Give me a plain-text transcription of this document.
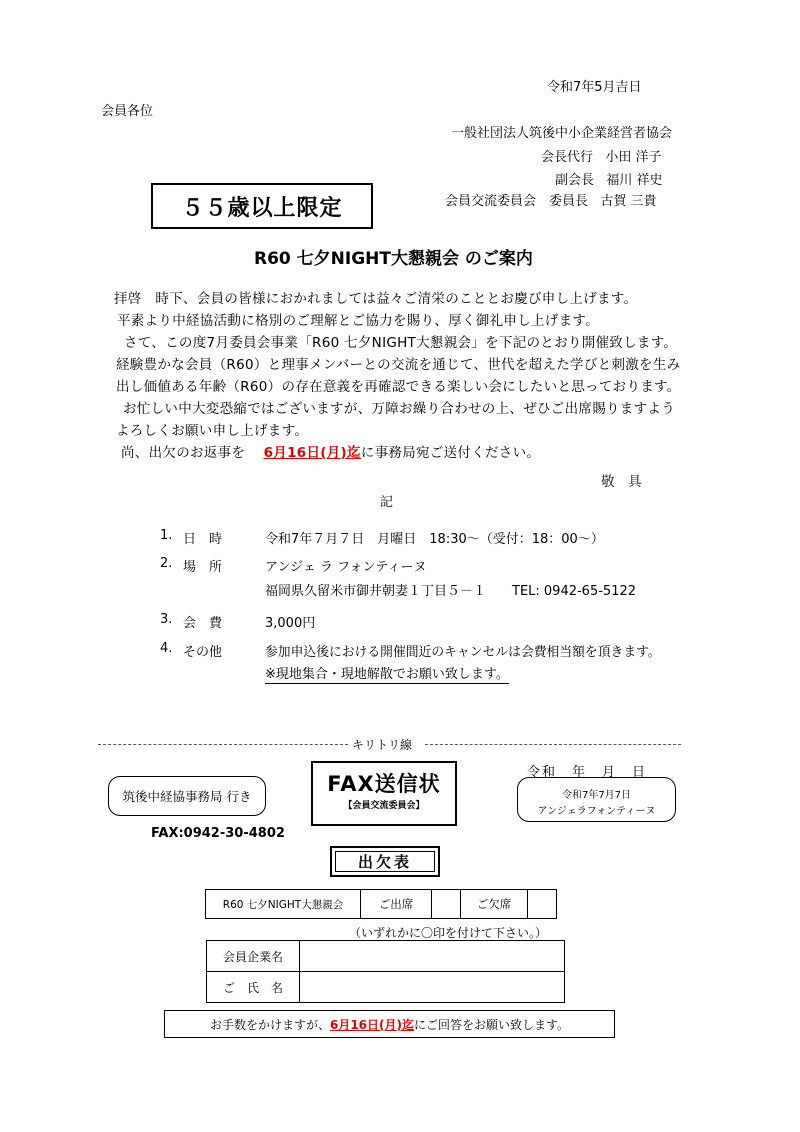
令和7年5月吉日
会員各位
一般社団法人筑後中小企業経営者協会
会長代行 小田 洋子
副会長 福川 祥史
会員交流委員会　委員長 古賀 三貴
５５歳以上限定
R60 七夕NIGHT大懇親会 のご案内
拝啓　時下、会員の皆様におかれましては益々ご清栄のこととお慶び申し上げます。
平素より中経協活動に格別のご理解とご協力を賜り、厚く御礼申し上げます。
さて、この度7月委員会事業「R60 七夕NIGHT大懇親会」を下記のとおり開催致します。
経験豊かな会員（R60）と理事メンバーとの交流を通じて、世代を超えた学びと刺激を生み
出し価値ある年齢（R60）の存在意義を再確認できる楽しい会にしたいと思っております。
お忙しい中大変恐縮ではございますが、万障お繰り合わせの上、ぜひご出席賜りますよう
よろしくお願い申し上げます。
尚、出欠のお返事を 6月16日(月)迄に事務局宛ご送付ください。
敬　具
記
1. 日　時	令和7年７月７日　月曜日　18:30～（受付：18：00～）
2. 場　所	アンジェ ラ フォンティーヌ
福岡県久留米市御井朝妻１丁目５－１　　TEL: 0942-65-5122
3. 会　費	3,000円
4. その他	参加申込後における開催間近のキャンセルは会費相当額を頂きます。
※現地集合・現地解散でお願い致します。
キリトリ線
筑後中経協事務局 行き
FAX:0942-30-4802
FAX送信状
【会員交流委員会】
令和　年　月　日
令和7年7月7日
アンジェラフォンティーヌ
出欠表
R60 七夕NIGHT大懇親会	ご出席		ご欠席	
（いずれかに〇印を付けて下さい。）
会員企業名	
ご　氏　名	
お手数をかけますが、 6月16日(月)迄 にご回答をお願い致します。
